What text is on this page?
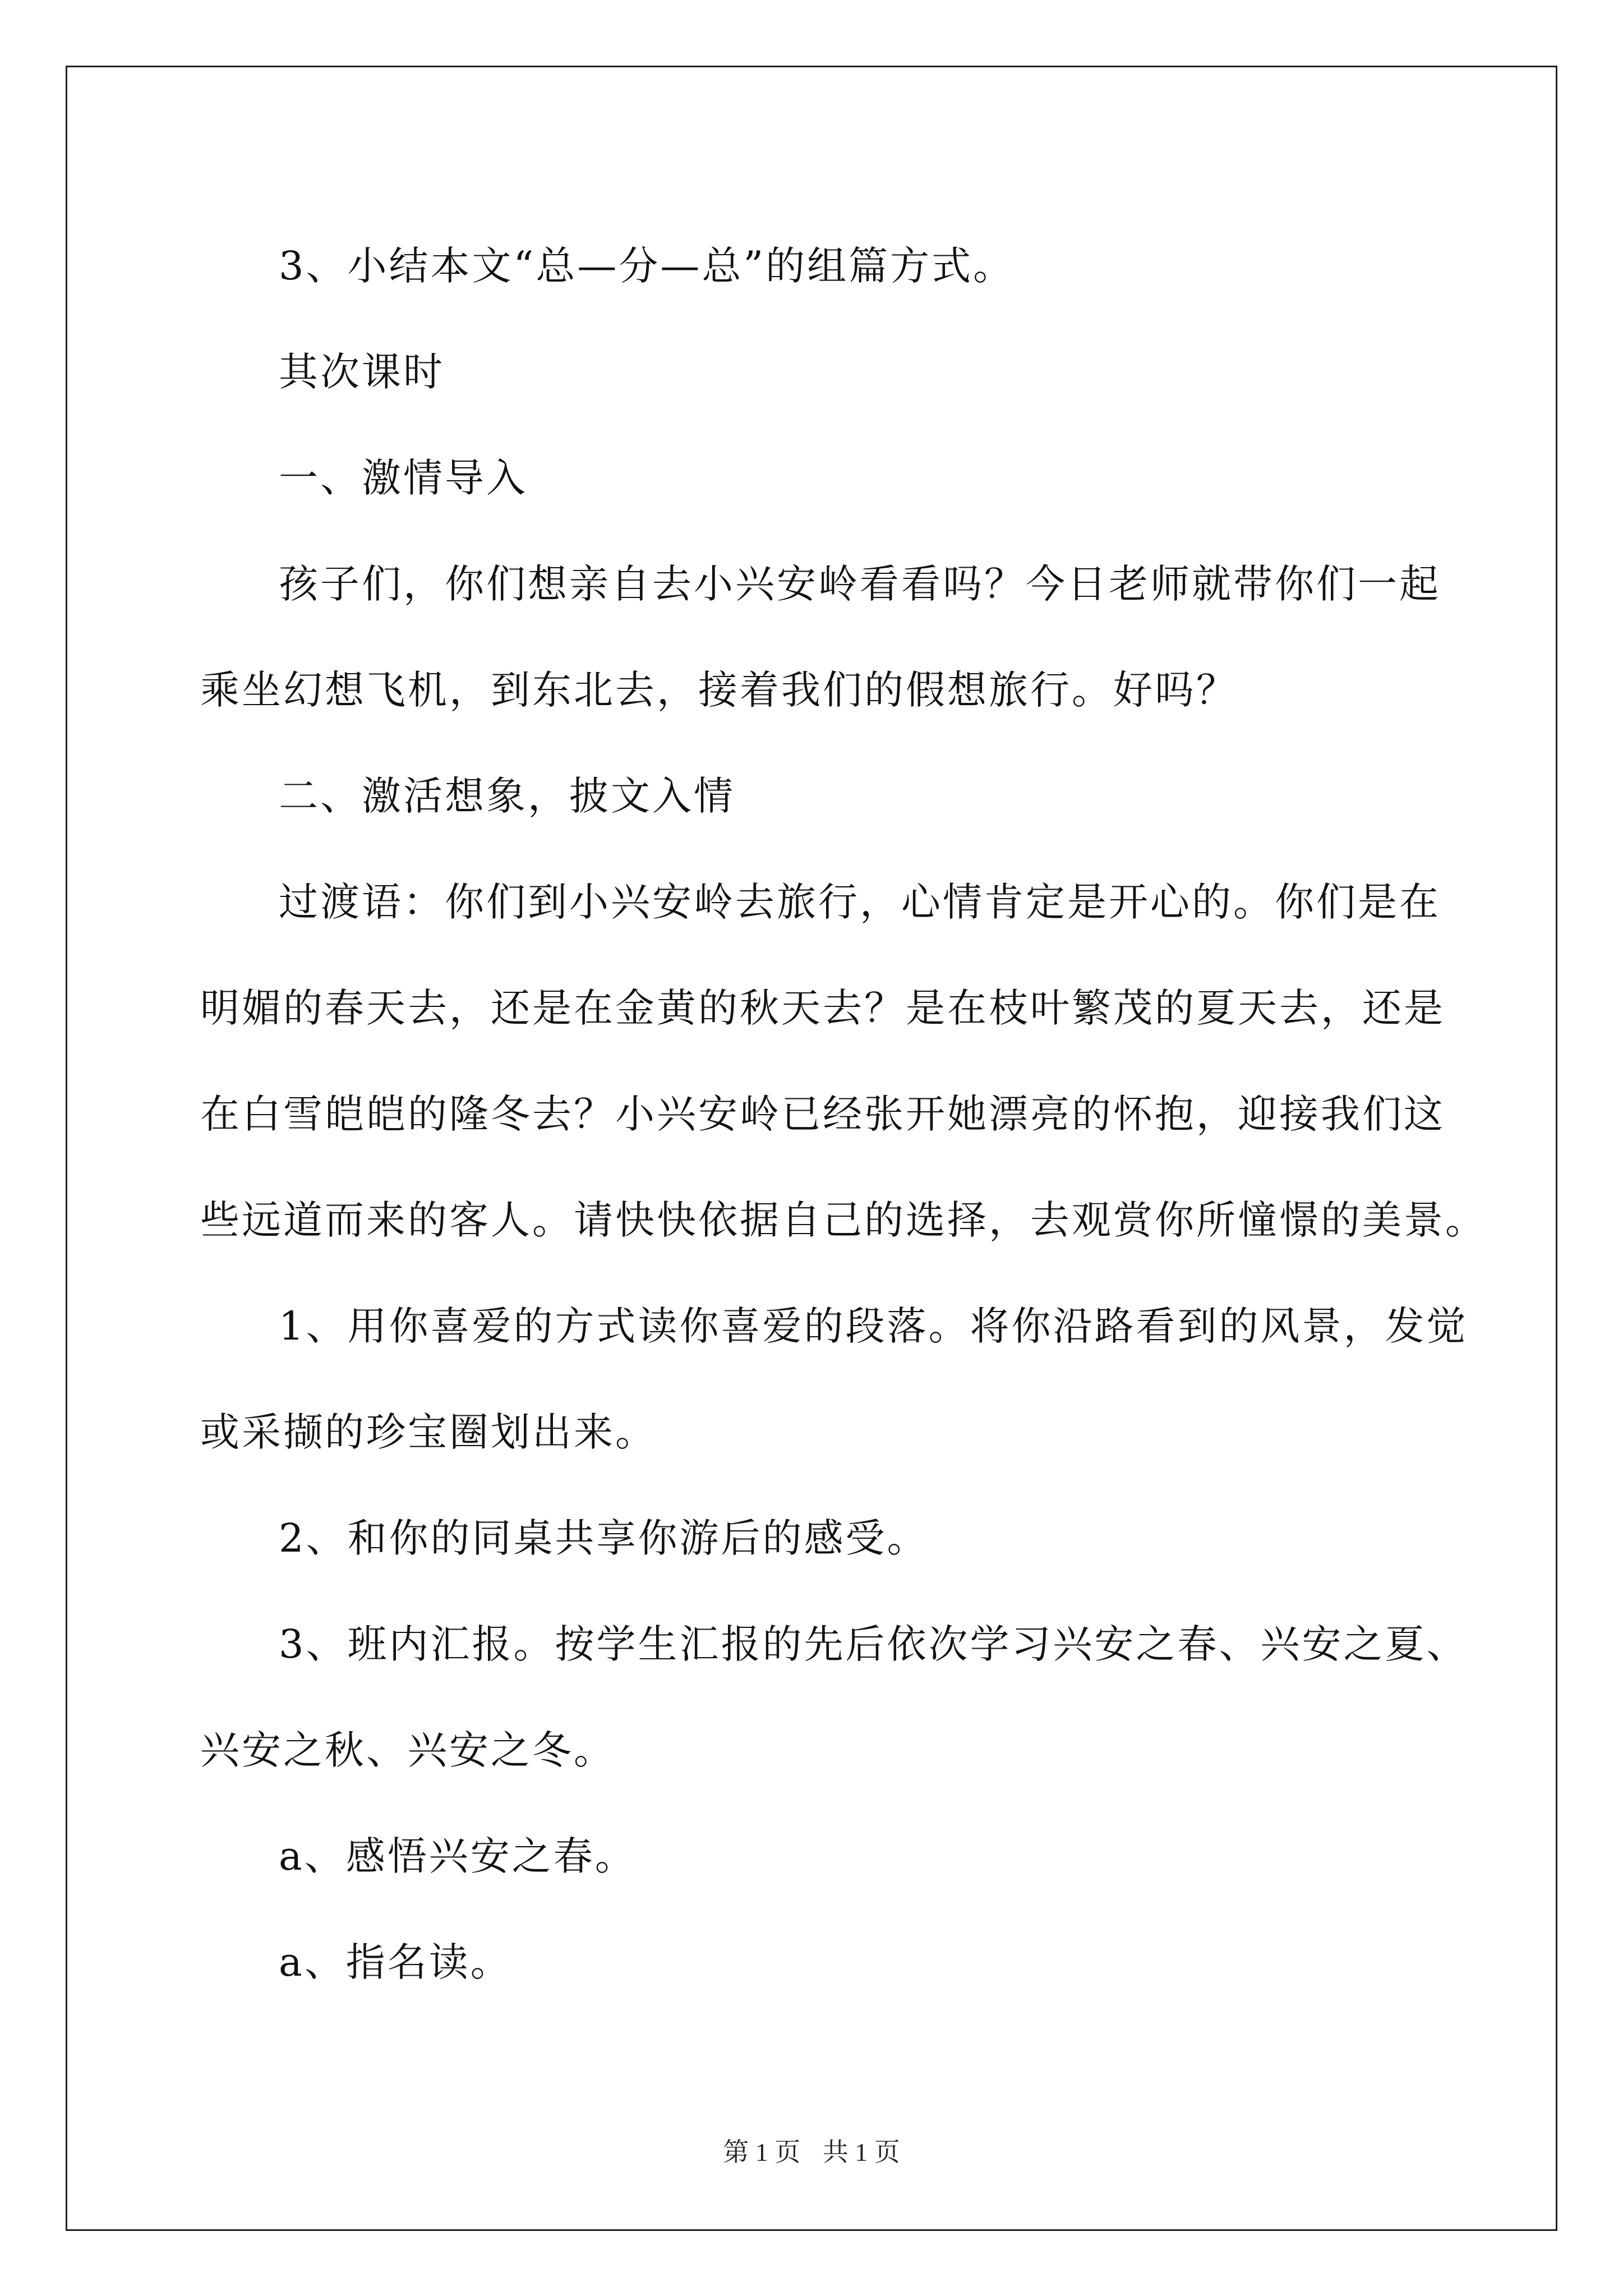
3、小结本文“总—分—总”的组篇方式。

其次课时

一、激情导入

孩子们，你们想亲自去小兴安岭看看吗？今日老师就带你们一起
乘坐幻想飞机，到东北去，接着我们的假想旅行。好吗？

二、激活想象，披文入情

过渡语：你们到小兴安岭去旅行，心情肯定是开心的。你们是在
明媚的春天去，还是在金黄的秋天去？是在枝叶繁茂的夏天去，还是
在白雪皑皑的隆冬去？小兴安岭已经张开她漂亮的怀抱，迎接我们这
些远道而来的客人。请快快依据自己的选择，去观赏你所憧憬的美景。

1、用你喜爱的方式读你喜爱的段落。将你沿路看到的风景，发觉
或采撷的珍宝圈划出来。

2、和你的同桌共享你游后的感受。

3、班内汇报。按学生汇报的先后依次学习兴安之春、兴安之夏、
兴安之秋、兴安之冬。

a、感悟兴安之春。

a、指名读。

第 1 页 共 1 页
